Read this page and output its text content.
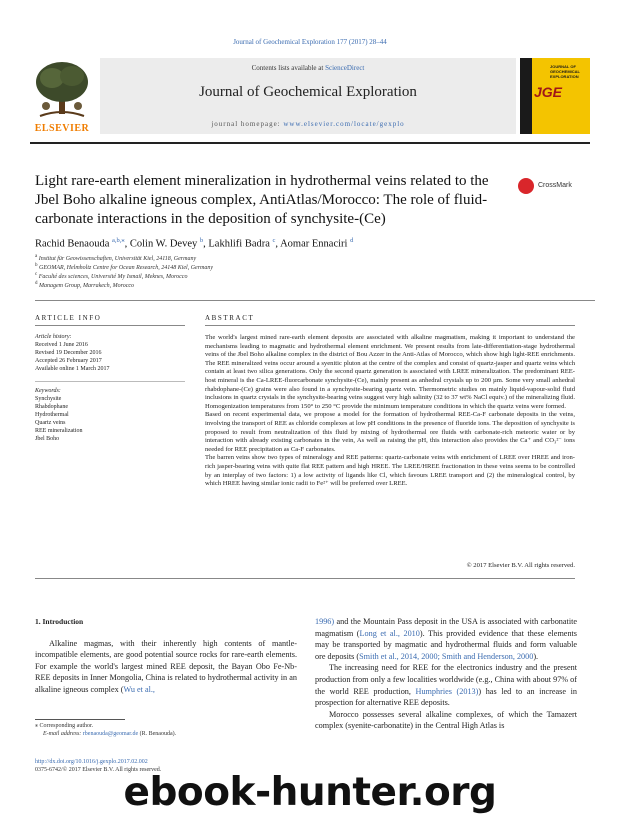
Journal of Geochemical Exploration 177 (2017) 28–44
ELSEVIER
Contents lists available at ScienceDirect
Journal of Geochemical Exploration
journal homepage: www.elsevier.com/locate/gexplo
JOURNAL OF GEOCHEMICAL EXPLORATION
JGE
Light rare-earth element mineralization in hydrothermal veins related to the Jbel Boho alkaline igneous complex, AntiAtlas/Morocco: The role of fluid-carbonate interactions in the deposition of synchysite-(Ce)
CrossMark
Rachid Benaouda $^{a,b,⁎}$, Colin W. Devey $^b$, Lakhlifi Badra $^c$, Aomar Ennaciri $^d$
$^a$ Institut für Geowissenschaften, Universität Kiel, 24118, Germany
$^b$ GEOMAR, Helmholtz Centre for Ocean Research, 24148 Kiel, Germany
$^c$ Faculté des sciences, Université My Ismail, Meknes, Morocco
$^d$ Managem Group, Marrakech, Morocco
ARTICLE INFO
Article history:
Received 1 June 2016
Revised 19 December 2016
Accepted 26 February 2017
Available online 1 March 2017
Keywords:
Synchysite
Rhabdophane
Hydrothermal
Quartz veins
REE mineralization
Jbel Boho
ABSTRACT

The world's largest mined rare-earth element deposits are associated with alkaline magmatism, making it important to understand the mechanisms leading to magmatic and hydrothermal element enrichment. We present results from late-differentiation-stage hydrothermal veins of the Jbel Boho alkaline complex in the district of Bou Azzer in the Anti-Atlas of Morocco, which show high light-REE enrichments. The REE mineralized veins occur around a syenitic pluton at the centre of the complex and consist of quartz-jasper and quartz veins which contain at least two silica generations. Only the second quartz generation is associated with LREE mineralization. The predominant REE-host mineral is the Ca-LREE-fluorcarbonate synchysite-(Ce), mainly present as anhedral crystals up to 200 µm. Some very small anhedral rhabdophane-(Ce) grains were also found in a synchysite-bearing quartz vein. Thermometric studies on mainly liquid-vapour-solid fluid inclusions in quartz crystals in the synchysite-bearing veins suggest very high salinity (32 to 37 wt% NaCl equiv.) of the mineralizing fluid. Homogenization temperatures from 150° to 250 °C provide the minimum temperature conditions in which the quartz veins were formed.

Based on recent experimental data, we propose a model for the formation of hydrothermal REE-Ca-F carbonate deposits in the veins, involving the transport of REE as chloride complexes at low pH conditions in the presence of fluoride ions. The deposition of synchysite is proposed to result from neutralization of this fluid by mixing of hydrothermal ore fluids with carbonate-rich meteoric water or by interaction with already existing carbonates in the vein, As well as raising the pH, this interaction also provides the Ca⁺ and CO₃²⁻ ions needed for REE precipitation as Ca-F carbonates.

The barren veins show two types of mineralogy and REE patterns: quartz-carbonate veins with enrichment of LREE over HREE and iron-rich jasper-bearing veins with quite flat REE pattern and high HREE. The LREE/HREE fractionation in these veins seems to be controlled by an interplay of two factors: 1) a low activity of ligands like Cl, which favours LREE transport and (2) the mineralogical control, by which HREE having similar ionic radii to Fe²⁺ will be preferred over LREE.

© 2017 Elsevier B.V. All rights reserved.

1. Introduction

Alkaline magmas, with their inherently high contents of mantle-incompatible elements, are good potential source rocks for rare-earth elements. For example the world's largest mined REE deposit, the Bayan Obo Fe-Nb-REE deposits in Inner Mongolia, China is related to hydrothermal activity in an alkaline igneous complex (Wu et al.,

1996) and the Mountain Pass deposit in the USA is associated with carbonatite magmatism (Long et al., 2010). This provided evidence that these elements may be transported by magmatic and hydrothermal fluids and form valuable ore deposits (Smith et al., 2014, 2000; Smith and Henderson, 2000).

The increasing need for REE for the electronics industry and the present production from only a few localities worldwide (e.g., China with about 97% of the world REE production, Humphries (2013)) has led to an increase in prospection for alternative REE deposits.

Morocco possesses several alkaline complexes, of which the Tamazert complex (syenite-carbonatite) in the Central High Atlas is

⁎ Corresponding author.
E-mail address: rbenaouda@geomar.de (R. Benaouda).
http://dx.doi.org/10.1016/j.gexplo.2017.02.002
0375-6742/© 2017 Elsevier B.V. All rights reserved.
ebook-hunter.org
